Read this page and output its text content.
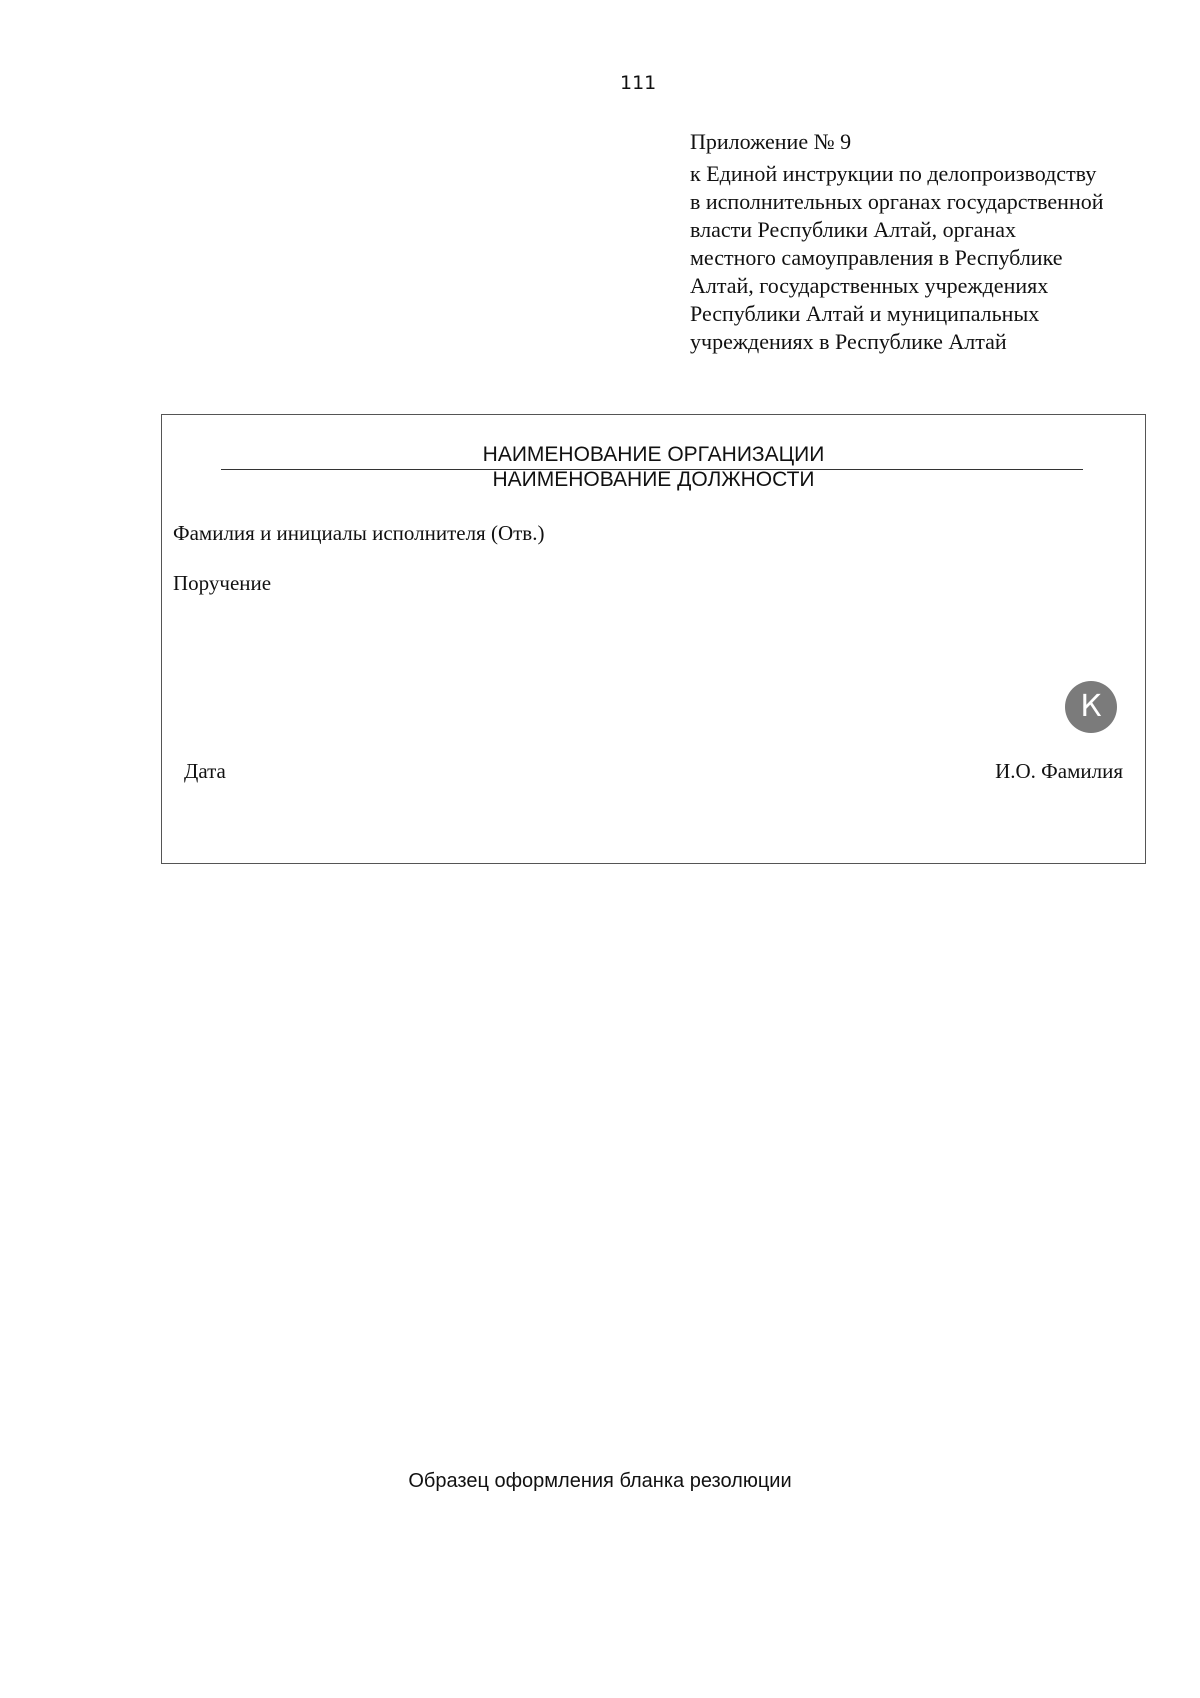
111
Приложение № 9
к Единой инструкции по делопроизводству
в исполнительных органах государственной
власти Республики Алтай, органах
местного самоуправления в Республике
Алтай, государственных учреждениях
Республики Алтай и муниципальных
учреждениях в Республике Алтай
НАИМЕНОВАНИЕ ОРГАНИЗАЦИИ
НАИМЕНОВАНИЕ ДОЛЖНОСТИ
Фамилия и инициалы исполнителя (Отв.)
Поручение
К
Дата	И.О. Фамилия
Образец оформления бланка резолюции
